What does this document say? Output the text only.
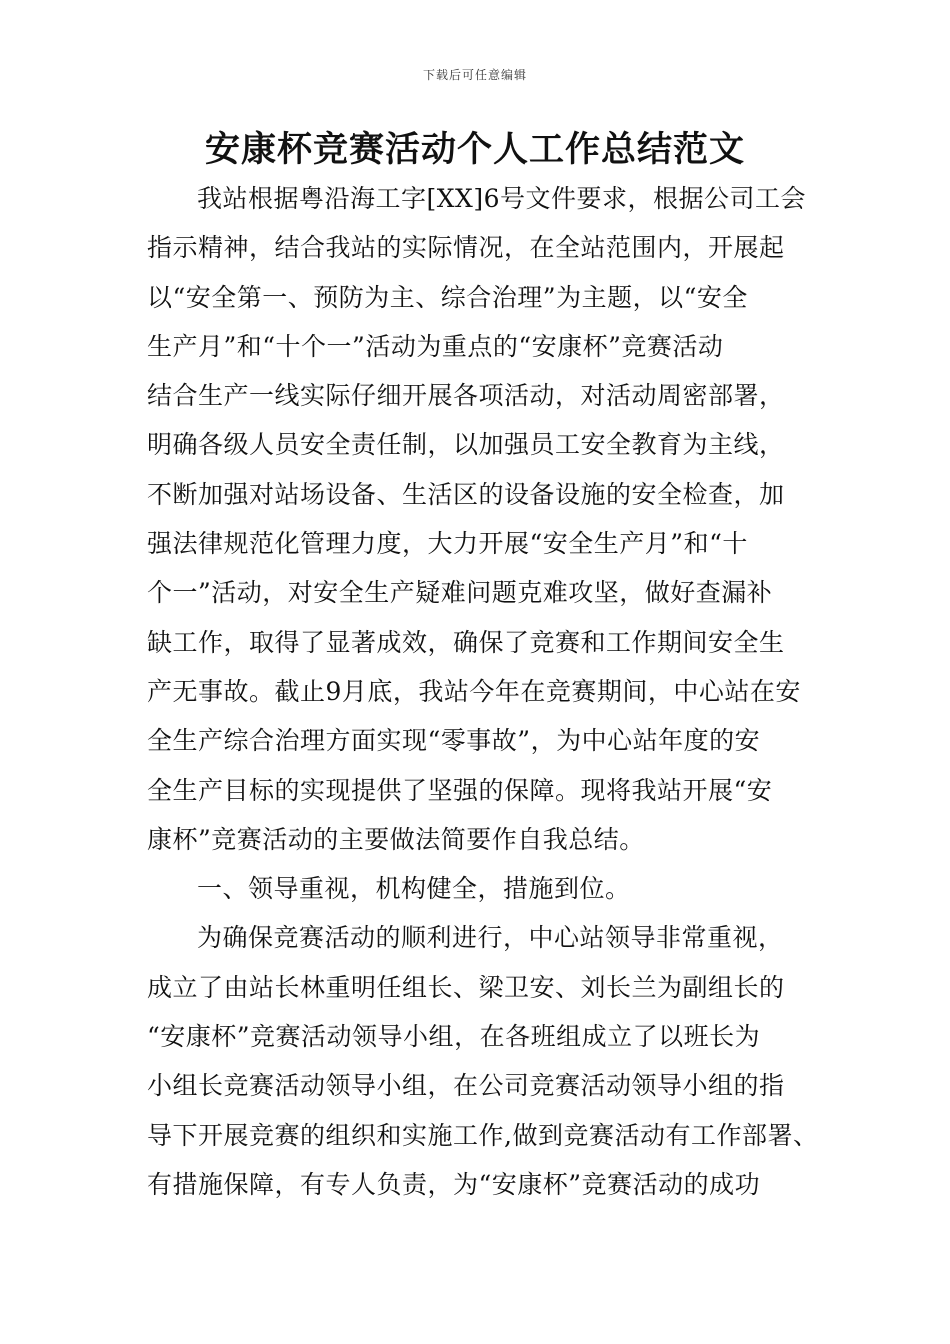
下载后可任意编辑
安康杯竞赛活动个人工作总结范文
我站根据粤沿海工字[XX]6号文件要求，根据公司工会
指示精神，结合我站的实际情况，在全站范围内，开展起
以“安全第一、预防为主、综合治理”为主题，以“安全
生产月”和“十个一”活动为重点的“安康杯”竞赛活动
结合生产一线实际仔细开展各项活动，对活动周密部署，
明确各级人员安全责任制，以加强员工安全教育为主线，
不断加强对站场设备、生活区的设备设施的安全检查，加
强法律规范化管理力度，大力开展“安全生产月”和“十
个一”活动，对安全生产疑难问题克难攻坚，做好查漏补
缺工作，取得了显著成效，确保了竞赛和工作期间安全生
产无事故。截止9月底，我站今年在竞赛期间，中心站在安
全生产综合治理方面实现“零事故”，为中心站年度的安
全生产目标的实现提供了坚强的保障。现将我站开展“安
康杯”竞赛活动的主要做法简要作自我总结。
一、领导重视，机构健全，措施到位。
为确保竞赛活动的顺利进行，中心站领导非常重视，
成立了由站长林重明任组长、梁卫安、刘长兰为副组长的
“安康杯”竞赛活动领导小组，在各班组成立了以班长为
小组长竞赛活动领导小组，在公司竞赛活动领导小组的指
导下开展竞赛的组织和实施工作,做到竞赛活动有工作部署、
有措施保障，有专人负责，为“安康杯”竞赛活动的成功
